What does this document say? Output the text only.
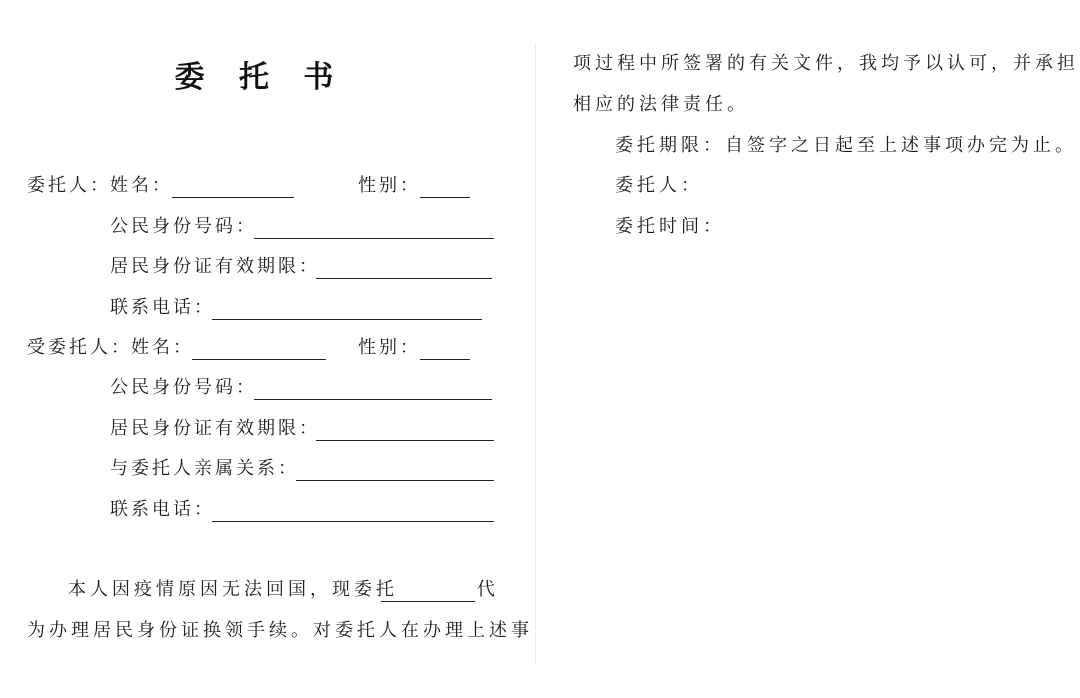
委 托 书
委托人： 姓名：	性别：
公民身份号码：
居民身份证有效期限：
联系电话：
受委托人： 姓名：	性别：
公民身份号码：
居民身份证有效期限：
与委托人亲属关系：
联系电话：
本人因疫情原因无法回国，现委托	代
为办理居民身份证换领手续。对委托人在办理上述事
项过程中所签署的有关文件，我均予以认可，并承担
相应的法律责任。
委托期限：自签字之日起至上述事项办完为止。
委托人：
委托时间：
